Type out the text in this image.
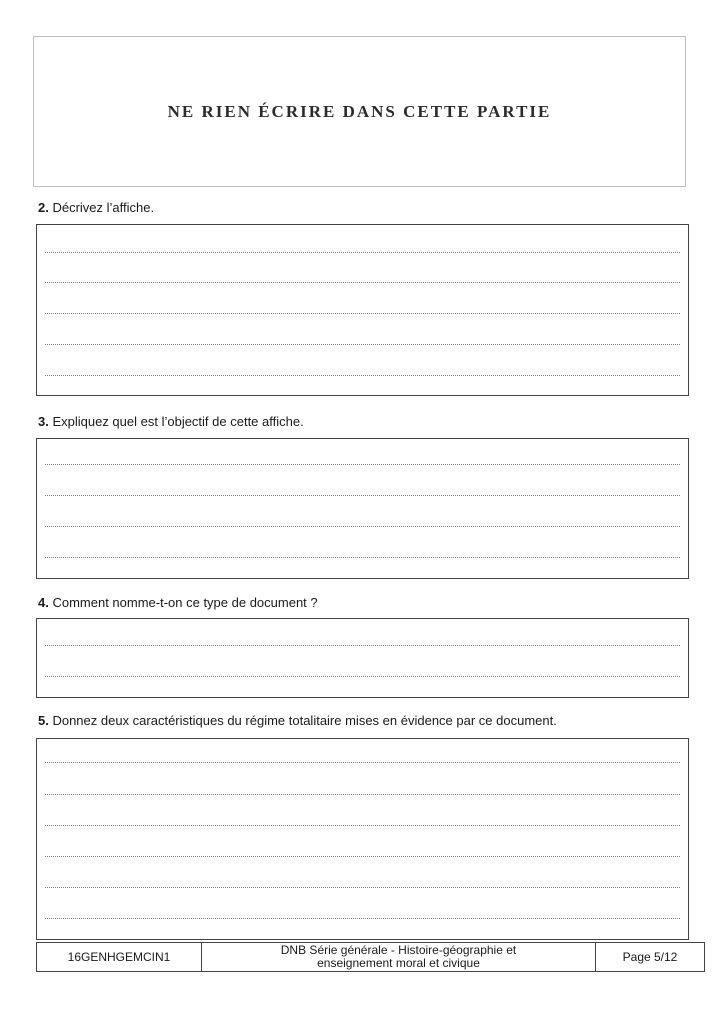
NE RIEN ÉCRIRE DANS CETTE PARTIE
2. Décrivez l’affiche.
3. Expliquez quel est l’objectif de cette affiche.
4. Comment nomme-t-on ce type de document ?
5. Donnez deux caractéristiques du régime totalitaire mises en évidence par ce document.
16GENHGEMCIN1	DNB Série générale - Histoire-géographie et
enseignement moral et civique	Page 5/12
